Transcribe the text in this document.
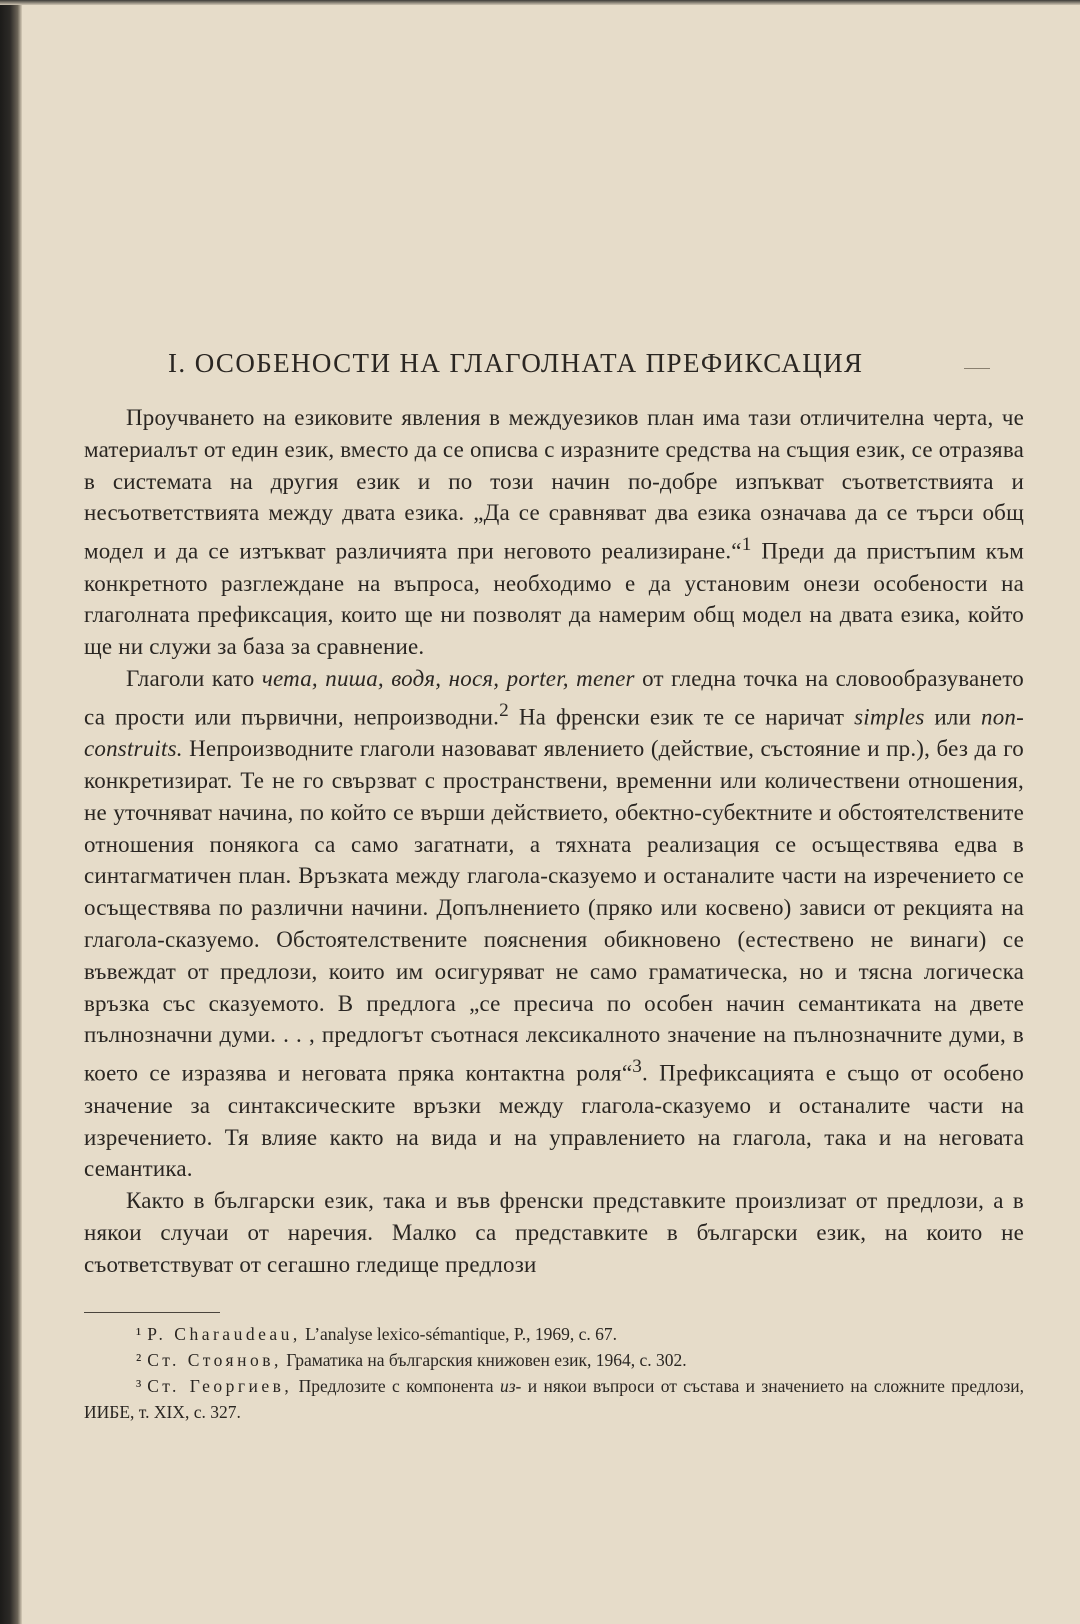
I. ОСОБЕНОСТИ НА ГЛАГОЛНАТА ПРЕФИКСАЦИЯ

Проучването на езиковите явления в междуезиков план има тази отличителна черта, че материалът от един език, вместо да се описва с изразните средства на същия език, се отразява в системата на другия език и по този начин по-добре изпъкват съответствията и несъответствията между двата езика. „Да се сравняват два езика означава да се търси общ модел и да се изтъкват различията при неговото реализиране.“$^1$ Преди да пристъпим към конкретното разглеждане на въпроса, необходимо е да установим онези особености на глаголната префиксация, които ще ни позволят да намерим общ модел на двата езика, който ще ни служи за база за сравнение.

Глаголи като чета, пиша, водя, нося, porter, mener от гледна точка на словообразуването са прости или първични, непроизводни.$^2$ На френски език те се наричат simples или non-construits. Непроизводните глаголи назовават явлението (действие, състояние и пр.), без да го конкретизират. Те не го свързват с пространствени, временни или количествени отношения, не уточняват начина, по който се върши действието, обектно-субектните и обстоятелствените отношения понякога са само загатнати, а тяхната реализация се осъществява едва в синтагматичен план. Връзката между глагола-сказуемо и останалите части на изречението се осъществява по различни начини. Допълнението (пряко или косвено) зависи от рекцията на глагола-сказуемо. Обстоятелствените пояснения обикновено (естествено не винаги) се въвеждат от предлози, които им осигуряват не само граматическа, но и тясна логическа връзка със сказуемото. В предлога „се пресича по особен начин семантиката на двете пълнозначни думи. . . , предлогът съотнася лексикалното значение на пълнозначните думи, в което се изразява и неговата пряка контактна роля“$^3$. Префиксацията е също от особено значение за синтаксическите връзки между глагола-сказуемо и останалите части на изречението. Тя влияе както на вида и на управлението на глагола, така и на неговата семантика.

Както в български език, така и във френски представките произлизат от предлози, а в някои случаи от наречия. Малко са представките в български език, на които не съответствуват от сегашно гледище предлози

¹ P. Charaudeau, L’analyse lexico-sémantique, P., 1969, с. 67.

² Ст. Стоянов, Граматика на българския книжовен език, 1964, с. 302.

³ Ст. Георгиев, Предлозите с компонента из- и някои въпроси от състава и значението на сложните предлози, ИИБЕ, т. XIX, с. 327.
